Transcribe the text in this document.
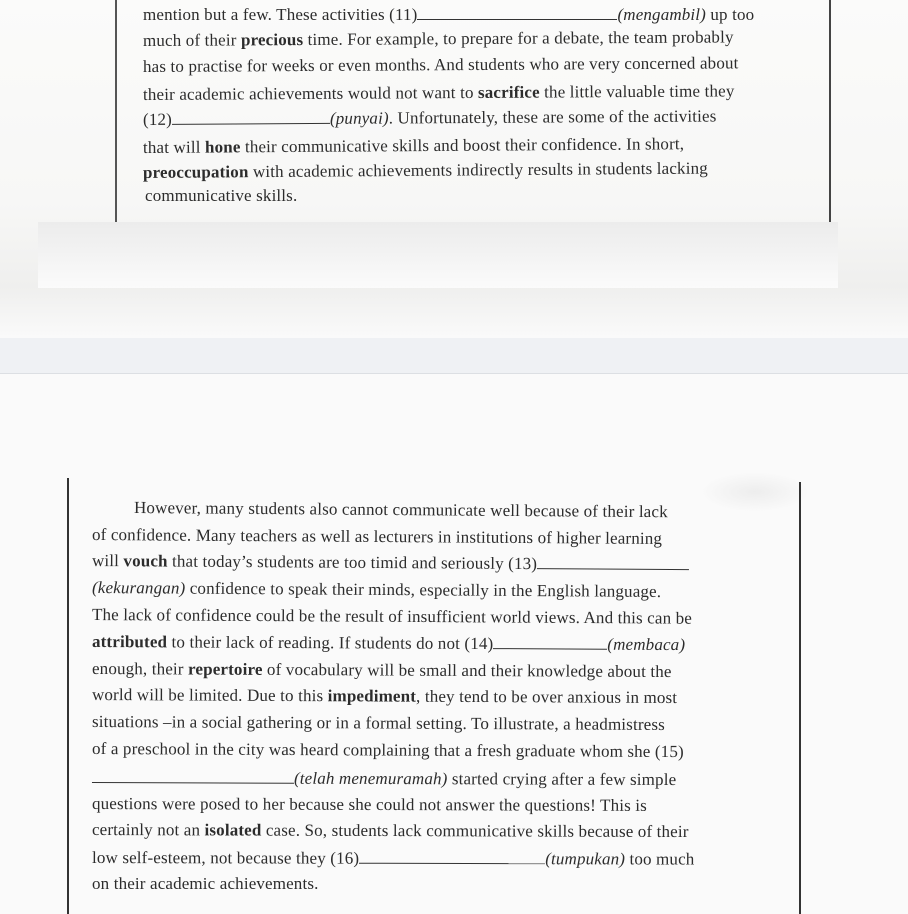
mention but a few. These activities (11)	(mengambil) up too
much of their precious time. For example, to prepare for a debate, the team probably
has to practise for weeks or even months. And students who are very concerned about
their academic achievements would not want to sacrifice the little valuable time they
(12)	(punyai). Unfortunately, these are some of the activities
that will hone their communicative skills and boost their confidence. In short,
preoccupation with academic achievements indirectly results in students lacking
communicative skills.
However, many students also cannot communicate well because of their lack
of confidence. Many teachers as well as lecturers in institutions of higher learning
will vouch that today’s students are too timid and seriously (13)
(kekurangan) confidence to speak their minds, especially in the English language.
The lack of confidence could be the result of insufficient world views. And this can be
attributed to their lack of reading. If students do not (14)	(membaca)
enough, their repertoire of vocabulary will be small and their knowledge about the
world will be limited. Due to this impediment, they tend to be over anxious in most
situations –in a social gathering or in a formal setting. To illustrate, a headmistress
of a preschool in the city was heard complaining that a fresh graduate whom she (15)
(telah menemuramah) started crying after a few simple
questions were posed to her because she could not answer the questions! This is
certainly not an isolated case. So, students lack communicative skills because of their
low self-esteem, not because they (16)	(tumpukan) too much
on their academic achievements.
